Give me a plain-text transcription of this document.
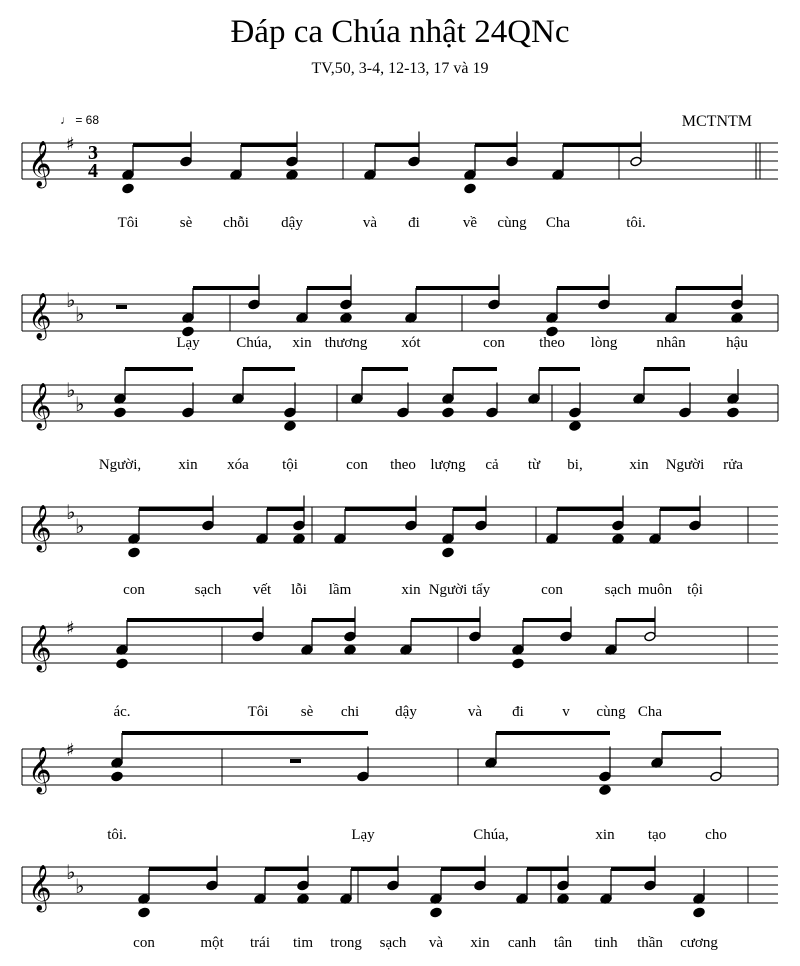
Đáp ca Chúa nhật 24QNc
TV,50, 3-4, 12-13, 17 và 19
♩ = 68	MCTNTM
𝄞 ♯ 3
4
𝄞 ♭
♭
𝄞 ♭
♭
𝄞 ♭
♭
𝄞 ♯
𝄞 ♯
𝄞 ♭
♭
Tôi	sè chỗi dậy	và đi	về cùng Cha	tôi.
Lạy Chúa, xin thương xót	con theo lòng	nhân	hậu
Người, xin xóa tội	con theo lượng cả từ bi,	xin Người rửa
con	sạch vết lỗi lầm	xin Người tẩy	con	sạch muôn tội
ác.	Tôi sè chi dậy	và đi	v cùng Cha
tôi.	Lạy	Chúa,	xin tạo	cho
con	một trái tim trong sạch và xin canh tân tinh thần cương
